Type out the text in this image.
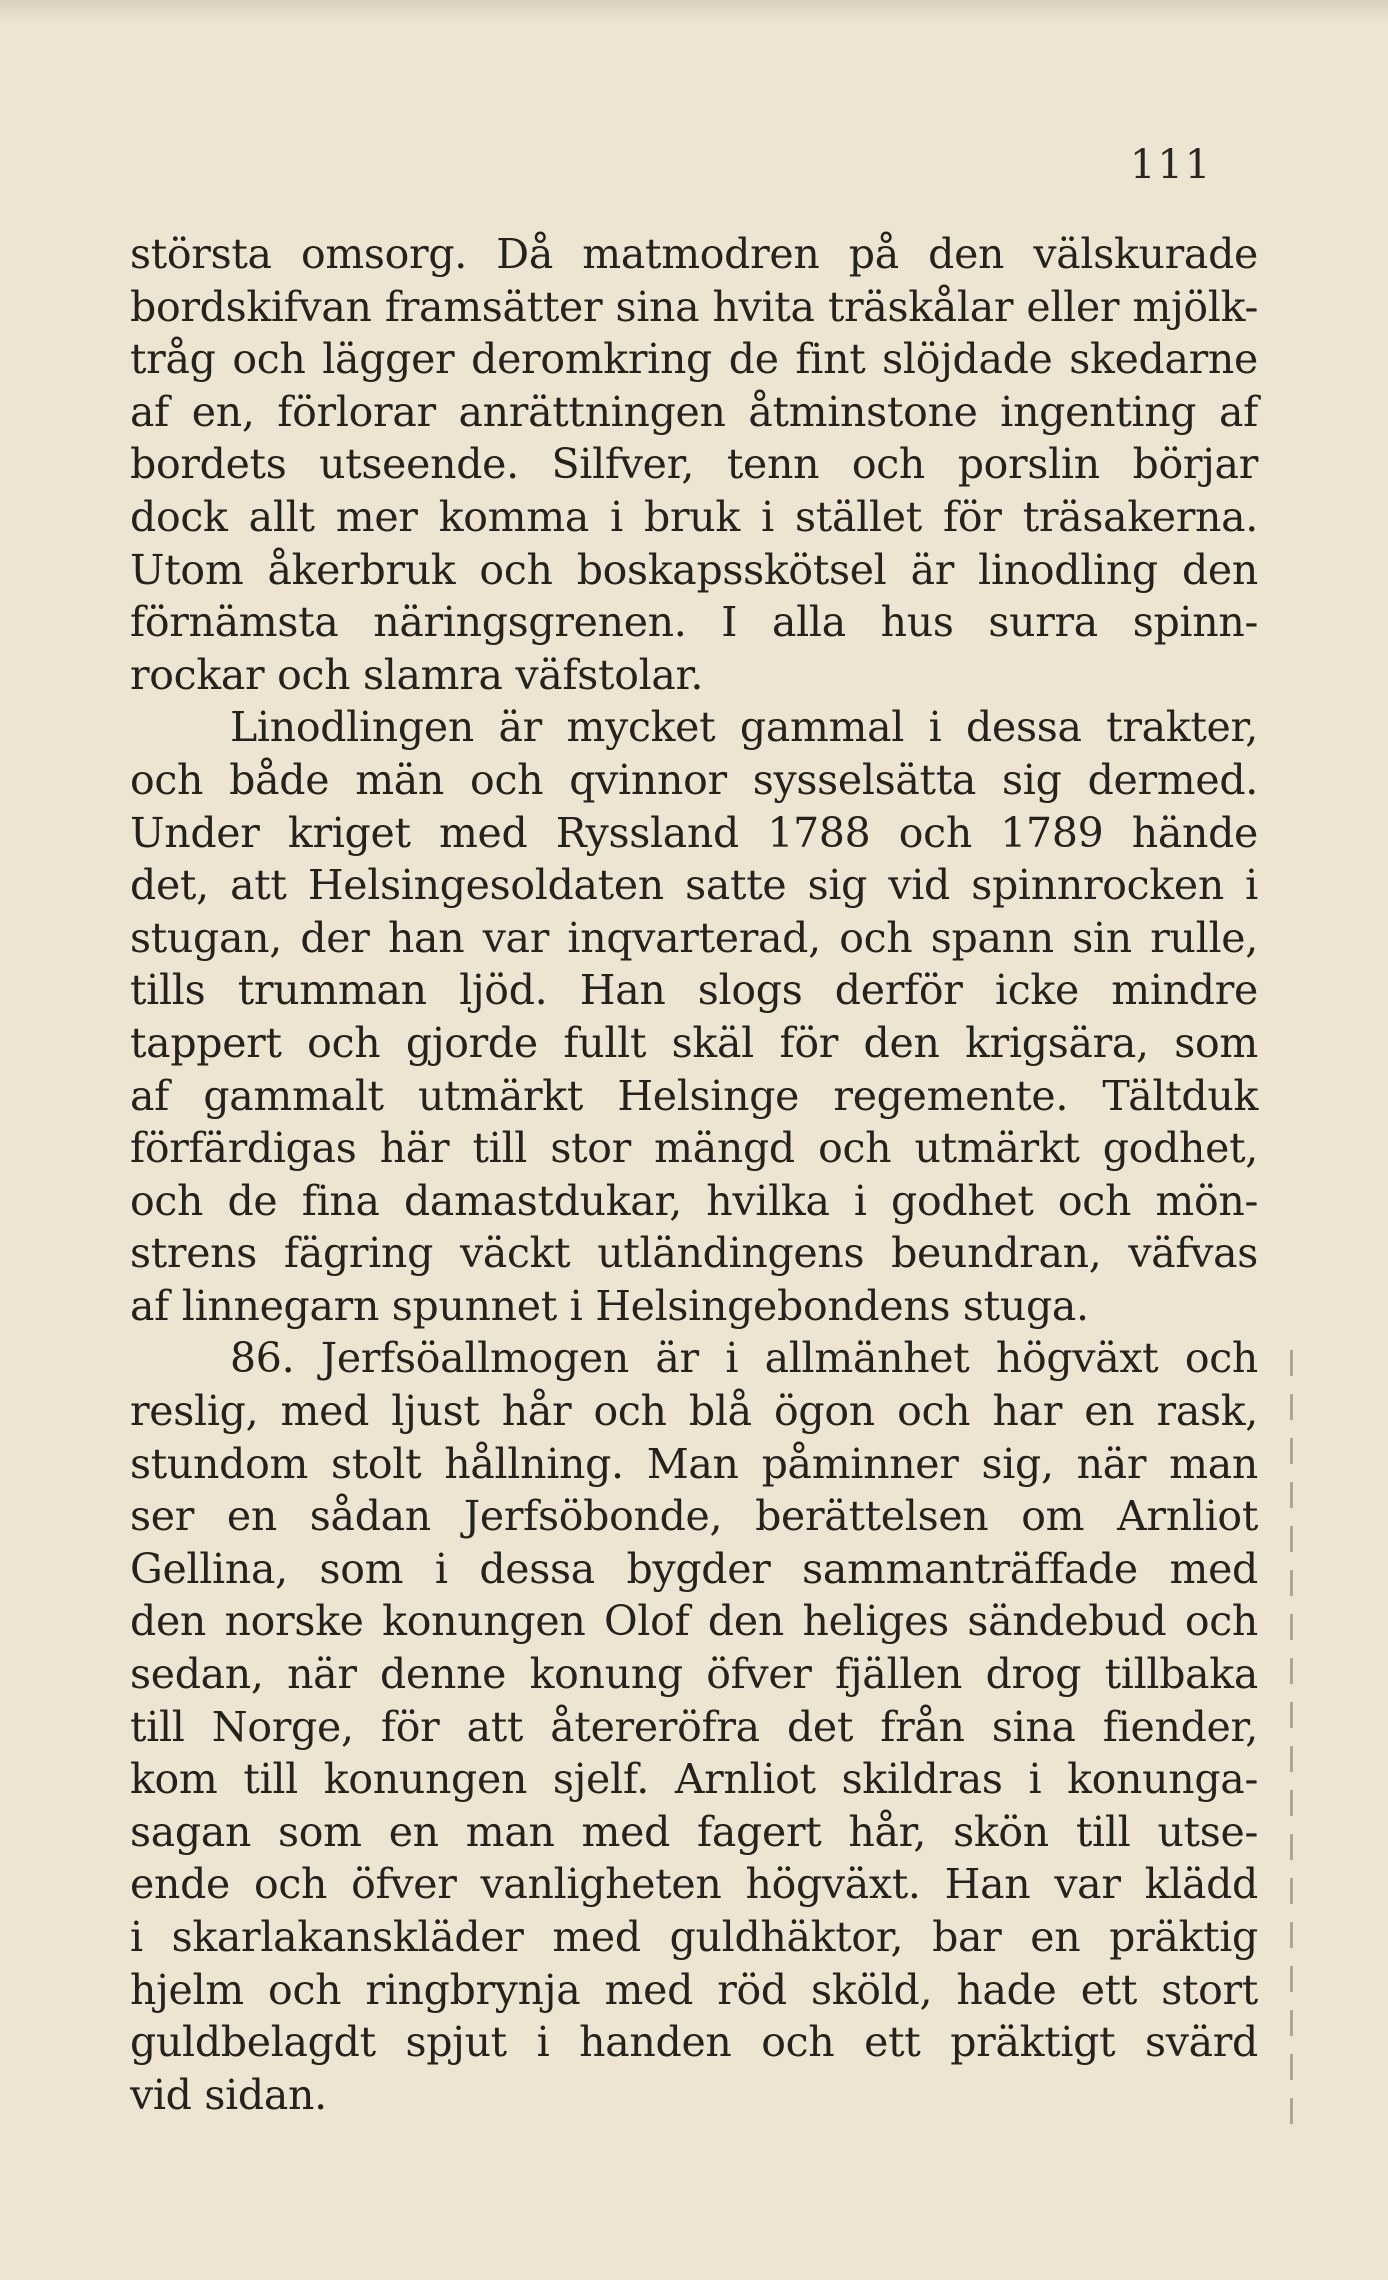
111
största omsorg. Då matmodren på den välskurade
bordskifvan framsätter sina hvita träskålar eller mjölk-
tråg och lägger deromkring de fint slöjdade skedarne
af en, förlorar anrättningen åtminstone ingenting af
bordets utseende. Silfver, tenn och porslin börjar
dock allt mer komma i bruk i stället för träsakerna.
Utom åkerbruk och boskapsskötsel är linodling den
förnämsta näringsgrenen. I alla hus surra spinn-
rockar och slamra väfstolar.
Linodlingen är mycket gammal i dessa trakter,
och både män och qvinnor sysselsätta sig dermed.
Under kriget med Ryssland 1788 och 1789 hände
det, att Helsingesoldaten satte sig vid spinnrocken i
stugan, der han var inqvarterad, och spann sin rulle,
tills trumman ljöd. Han slogs derför icke mindre
tappert och gjorde fullt skäl för den krigsära, som
af gammalt utmärkt Helsinge regemente. Tältduk
förfärdigas här till stor mängd och utmärkt godhet,
och de fina damastdukar, hvilka i godhet och mön-
strens fägring väckt utländingens beundran, väfvas
af linnegarn spunnet i Helsingebondens stuga.
86. Jerfsöallmogen är i allmänhet högväxt och
reslig, med ljust hår och blå ögon och har en rask,
stundom stolt hållning. Man påminner sig, när man
ser en sådan Jerfsöbonde, berättelsen om Arnliot
Gellina, som i dessa bygder sammanträffade med
den norske konungen Olof den heliges sändebud och
sedan, när denne konung öfver fjällen drog tillbaka
till Norge, för att återeröfra det från sina fiender,
kom till konungen sjelf. Arnliot skildras i konunga-
sagan som en man med fagert hår, skön till utse-
ende och öfver vanligheten högväxt. Han var klädd
i skarlakanskläder med guldhäktor, bar en präktig
hjelm och ringbrynja med röd sköld, hade ett stort
guldbelagdt spjut i handen och ett präktigt svärd
vid sidan.
